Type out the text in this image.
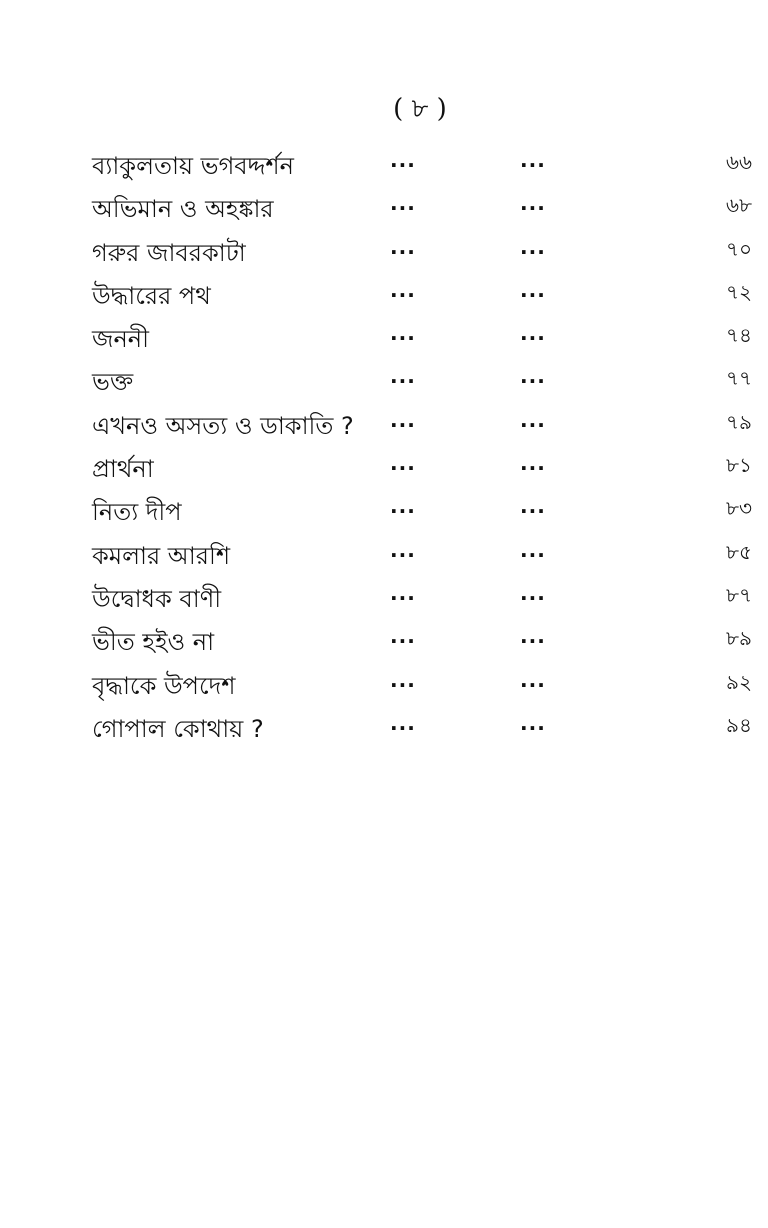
( ৮ )
ব্যাকুলতায় ভগবদ্দর্শন	...	...	৬৬
অভিমান ও অহঙ্কার	...	...	৬৮
গরুর জাবরকাটা	...	...	৭০
উদ্ধারের পথ	...	...	৭২
জননী	...	...	৭৪
ভক্ত	...	...	৭৭
এখনও অসত্য ও ডাকাতি ? ...	...	৭৯
প্রার্থনা	...	...	৮১
নিত্য দীপ	...	...	৮৩
কমলার আরশি	...	...	৮৫
উদ্বোধক বাণী	...	...	৮৭
ভীত হইও না	...	...	৮৯
বৃদ্ধাকে উপদেশ	...	...	৯২
গোপাল কোথায় ?	...	...	৯৪
